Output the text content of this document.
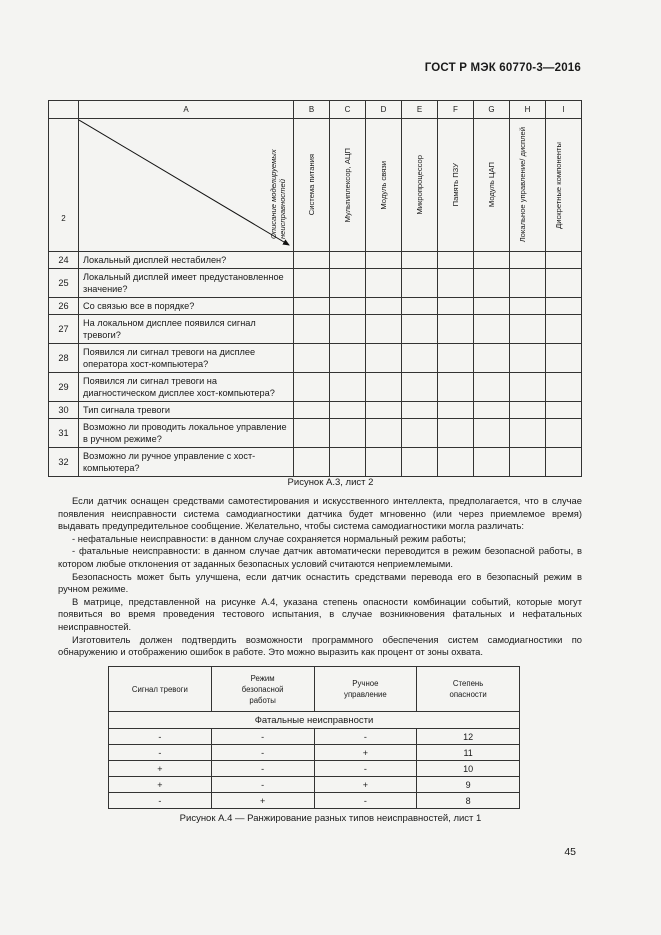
ГОСТ Р МЭК 60770-3—2016
	A	B	C	D	E	F	G	H	I

2	Описание моделируемых неисправностей	Система питания	Мультиплексор, АЦП	Модуль связи	Микропроцессор	Память ПЗУ	Модуль ЦАП	Локальное управление/ дисплей	Дискретные компоненты

24	Локальный дисплей нестабилен?								
25	Локальный дисплей имеет предустановленное значение?								
26	Со связью все в порядке?								
27	На локальном дисплее появился сигнал тревоги?								
28	Появился ли сигнал тревоги на дисплее оператора хост-компьютера?								
29	Появился ли сигнал тревоги на диагностическом дисплее хост-компьютера?								
30	Тип сигнала тревоги								
31	Возможно ли проводить локальное управление в ручном режиме?								
32	Возможно ли ручное управление с хост-компьютера?								
Рисунок А.3, лист 2

Если датчик оснащен средствами самотестирования и искусственного интеллекта, предполагается, что в случае появления неисправности система самодиагностики датчика будет мгновенно (или через приемлемое время) выдавать предупредительное сообщение. Желательно, чтобы система самодиагностики могла различать:

- нефатальные неисправности: в данном случае сохраняется нормальный режим работы;

- фатальные неисправности: в данном случае датчик автоматически переводится в режим безопасной работы, в котором любые отклонения от заданных безопасных условий считаются неприемлемыми.

Безопасность может быть улучшена, если датчик оснастить средствами перевода его в безопасный режим в ручном режиме.

В матрице, представленной на рисунке А.4, указана степень опасности комбинации событий, которые могут появиться во время проведения тестового испытания, в случае возникновения фатальных и нефатальных неисправностей.

Изготовитель должен подтвердить возможности программного обеспечения систем самодиагностики по обнаружению и отображению ошибок в работе. Это можно выразить как процент от зоны охвата.

Сигнал тревоги	Режим безопасной работы	Ручное управление	Степень опасности
Фатальные неисправности			
-	-	-	12
-	-	+	11
+	-	-	10
+	-	+	9
-	+	-	8
Рисунок А.4 — Ранжирование разных типов неисправностей, лист 1
45
